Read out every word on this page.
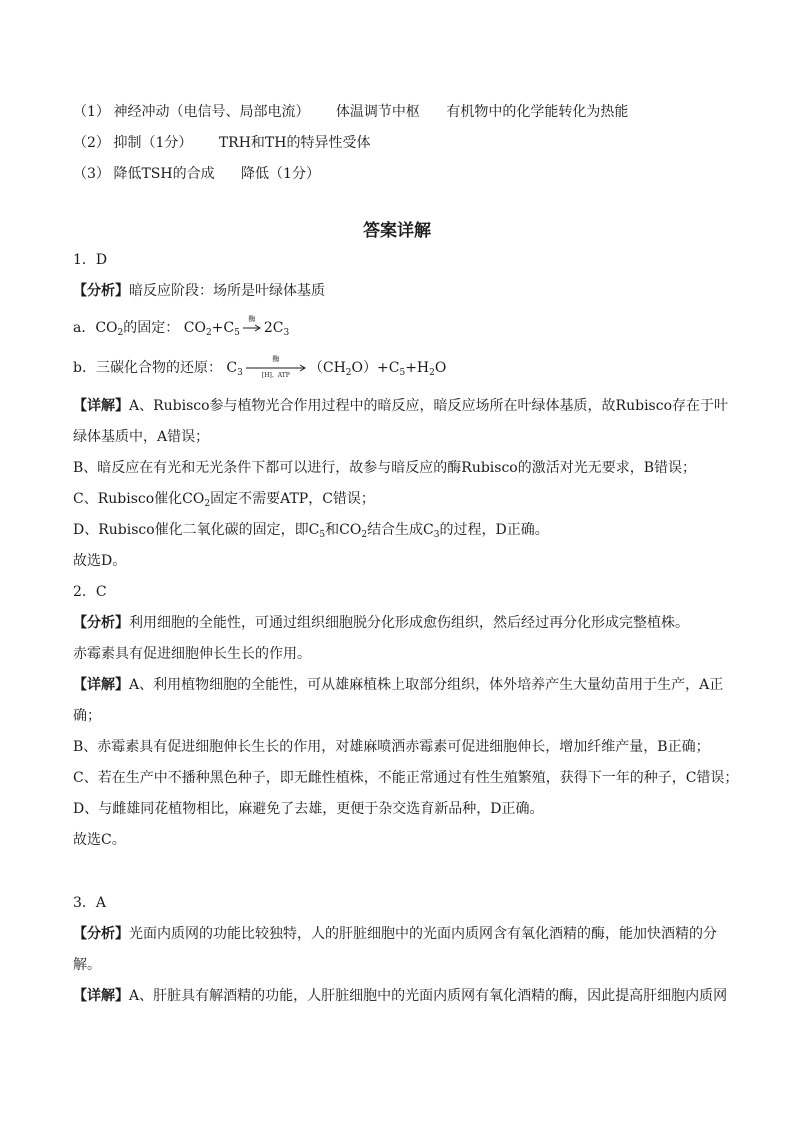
（1） 神经冲动（电信号、局部电流） 体温调节中枢 有机物中的化学能转化为热能
（2） 抑制（1分） TRH和TH的特异性受体
（3） 降低TSH的合成 降低（1分）
答案详解
1．D
【分析】暗反应阶段：场所是叶绿体基质
a．$CO_2$的固定： $CO_2+C_5$
酶
$2C_3$
b．三碳化合物的还原： $C_3$
酶
[H]、ATP	$(CH_2O)+C_5+H_2O$
【详解】A、Rubisco参与植物光合作用过程中的暗反应，暗反应场所在叶绿体基质，故Rubisco存在于叶
绿体基质中，A错误；
B、暗反应在有光和无光条件下都可以进行，故参与暗反应的酶Rubisco的激活对光无要求，B错误；
C、Rubisco催化$CO_2$固定不需要ATP，C错误；
D、Rubisco催化二氧化碳的固定，即$C_5$和$CO_2$结合生成$C_3$的过程，D正确。
故选D。
2．C
【分析】利用细胞的全能性，可通过组织细胞脱分化形成愈伤组织，然后经过再分化形成完整植株。
赤霉素具有促进细胞伸长生长的作用。
【详解】A、利用植物细胞的全能性，可从雄麻植株上取部分组织，体外培养产生大量幼苗用于生产，A正
确；
B、赤霉素具有促进细胞伸长生长的作用，对雄麻喷洒赤霉素可促进细胞伸长，增加纤维产量，B正确；
C、若在生产中不播种黑色种子，即无雌性植株，不能正常通过有性生殖繁殖，获得下一年的种子，C错误；
D、与雌雄同花植物相比，麻避免了去雄，更便于杂交选育新品种，D正确。
故选C。
3．A
【分析】光面内质网的功能比较独特，人的肝脏细胞中的光面内质网含有氧化酒精的酶，能加快酒精的分
解。
【详解】A、肝脏具有解酒精的功能，人肝脏细胞中的光面内质网有氧化酒精的酶，因此提高肝细胞内质网
